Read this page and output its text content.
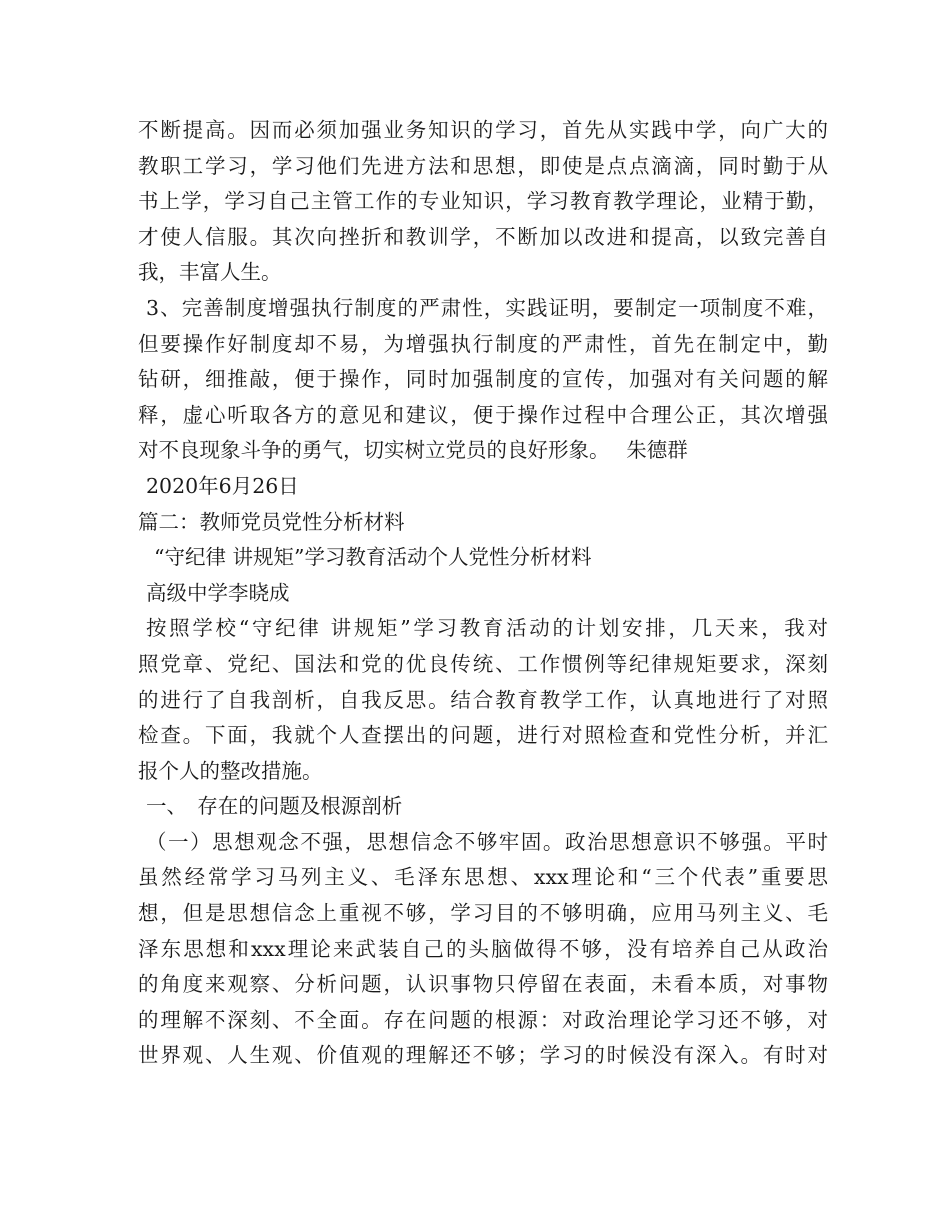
不断提高。因而必须加强业务知识的学习，首先从实践中学，向广大的
教职工学习，学习他们先进方法和思想，即使是点点滴滴，同时勤于从
书上学，学习自己主管工作的专业知识，学习教育教学理论，业精于勤，
才使人信服。其次向挫折和教训学，不断加以改进和提高，以致完善自
我，丰富人生。
3、完善制度增强执行制度的严肃性，实践证明，要制定一项制度不难，
但要操作好制度却不易，为增强执行制度的严肃性，首先在制定中，勤
钻研，细推敲，便于操作，同时加强制度的宣传，加强对有关问题的解
释，虚心听取各方的意见和建议，便于操作过程中合理公正，其次增强
对不良现象斗争的勇气，切实树立党员的良好形象。　 朱德群
2020年6月26日
篇二：教师党员党性分析材料
“守纪律 讲规矩”学习教育活动个人党性分析材料
高级中学李晓成
按照学校“守纪律 讲规矩”学习教育活动的计划安排，几天来，我对
照党章、党纪、国法和党的优良传统、工作惯例等纪律规矩要求，深刻
的进行了自我剖析，自我反思。结合教育教学工作，认真地进行了对照
检查。下面，我就个人查摆出的问题，进行对照检查和党性分析，并汇
报个人的整改措施。
一、　存在的问题及根源剖析
（一）思想观念不强，思想信念不够牢固。政治思想意识不够强。平时
虽然经常学习马列主义、毛泽东思想、xxx理论和“三个代表”重要思
想，但是思想信念上重视不够，学习目的不够明确，应用马列主义、毛
泽东思想和xxx理论来武装自己的头脑做得不够，没有培养自己从政治
的角度来观察、分析问题，认识事物只停留在表面，未看本质，对事物
的理解不深刻、不全面。存在问题的根源：对政治理论学习还不够，对
世界观、人生观、价值观的理解还不够；学习的时候没有深入。有时对
